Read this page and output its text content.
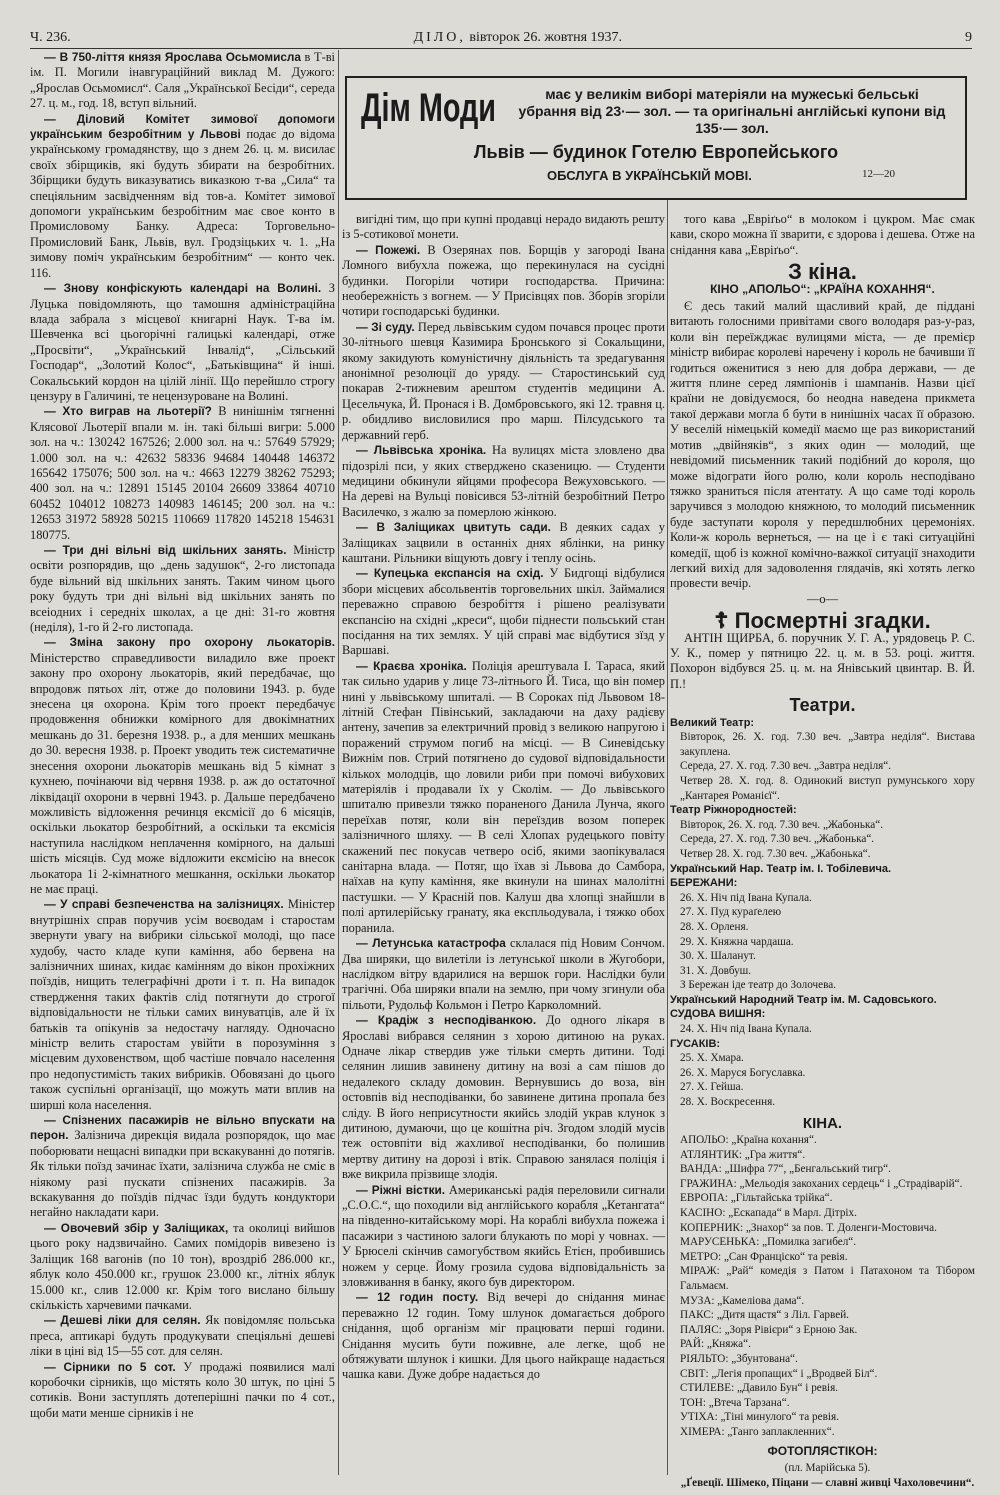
Ч. 236.	ДІЛО, вівторок 26. жовтня 1937.	9
Дім Моди	має у великім виборі матеріяли на мужеські бельські убрання від 23·— зол. — та оригінальні англійські купони від 135·— зол.
Львів — будинок Готелю Европейського
ОБСЛУГА В УКРАЇНСЬКІЙ МОВІ.	12—20

— В 750-ліття князя Ярослава Осьмомисла в Т-ві ім. П. Могили інавгураційний виклад М. Дужого: „Ярослав Осьмомисл“. Саля „Української Бесіди“, середа 27. ц. м., год. 18, вступ вільний.

— Діловий Комітет зимової допомоги українським безробітним у Львові подає до відома українському громадянству, що з днем 26. ц. м. висилає своїх збірщиків, які будуть збирати на безробітних. Збірщики будуть виказуватись виказкою т-ва „Сила“ та спеціяльним засвідченням від тов-а. Комітет зимової допомоги українським безробітним має свое конто в Промисловому Банку. Адреса: Торговельно-Промисловий Банк, Львів, вул. Гродзіцьких ч. 1. „На зимову поміч українським безробітним“ — конто чек. 116.

— Знову конфіскують календарі на Волині. З Луцька повідомляють, що тамошня адміністраційна влада забрала з місцевої книгарні Наук. Т-ва ім. Шевченка всі цьогорічні галицькі календарі, отже „Просвіти“, „Український Інвалід“, „Сільський Господар“, „Золотий Колос“, „Батьківщина“ й інші. Сокальський кордон на цілій лінії. Що перейшло строгу цензуру в Галичині, те нецензуроване на Волині.

— Хто виграв на льотерії? В нинішнім тягненні Клясової Льотерії впали м. ін. такі більші вигри: 5.000 зол. на ч.: 130242 167526; 2.000 зол. на ч.: 57649 57929; 1.000 зол. на ч.: 42632 58336 94684 140448 146372 165642 175076; 500 зол. на ч.: 4663 12279 38262 75293; 400 зол. на ч.: 12891 15145 20104 26609 33864 40710 60452 104012 108273 140983 146145; 200 зол. на ч.: 12653 31972 58928 50215 110669 117820 145218 154631 180775.

— Три дні вільні від шкільних занять. Міністр освіти розпорядив, що „день задушок“, 2-го листопада буде вільний від шкільних занять. Таким чином цього року будуть три дні вільні від шкільних занять по всеіодних і середніх школах, а це дні: 31-го жовтня (неділя), 1-го й 2-го листопада.

— Зміна закону про охорону льокаторів. Міністерство справедливости виладило вже проект закону про охорону льокаторів, який передбачає, що впродовж пятьох літ, отже до половини 1943. р. буде знесена ця охорона. Крім того проект передбачує продовження обнижки комірного для двокімнатних мешкань до 31. березня 1938. р., а для менших мешкань до 30. вересня 1938. р. Проект уводить теж систематичне знесення охорони льокаторів мешкань від 5 кімнат з кухнею, почінаючи від червня 1938. р. аж до остаточної ліквідації охорони в червні 1943. р. Дальше передбачено можливість відложення речинця ексмісії до 6 місяців, оскільки льокатор безробітний, а оскільки та ексмісія наступила наслідком неплачення комірного, на дальші шість місяців. Суд може відложити ексмісію на внесок льокатора 1і 2-кімнатного мешкання, оскільки льокатор не має праці.

— У справі безпеченства на залізницях. Міністер внутрішніх справ поручив усім воєводам і старостам звернути увагу на вибрики сільської молоді, що пасе худобу, часто кладе купи каміння, або бервена на залізничних шинах, кидає камінням до вікон прохіжних поїздів, нищить телеграфічні дроти і т. п. На випадок ствердження таких фактів слід потягнути до строгої відповідальности не тільки самих винуватців, але й їх батьків та опікунів за недостачу нагляду. Одночасно міністр велить старостам увійти в порозуміння з місцевим духовенством, щоб частіше повчало населення про недопустимість таких вибриків. Обовязані до цього також суспільні організації, що можуть мати вплив на ширші кола населення.

— Спізнених пасажирів не вільно впускати на перон. Залізнича дирекція видала розпорядок, що має поборювати нещасні випадки при вскакуванні до потягів. Як тільки поїзд зачинає їхати, залізнича служба не сміє в ніякому разі пускати спізнених пасажирів. За вскакування до поїздів підчас їзди будуть кондуктори негайно накладати кари.

— Овочевий збір у Заліщиках, та околиці вийшов цього року надзвичайно. Самих помідорів вивезено із Заліщик 168 вагонів (по 10 тон), вроздріб 286.000 кг., яблук коло 450.000 кг., грушок 23.000 кг., літніх яблук 15.000 кг., слив 12.000 кг. Крім того вислано більшу скількість харчевими пачками.

— Дешеві ліки для селян. Як повідомляє польська преса, аптикарі будуть продукувати спеціяльні дешеві ліки в ціні від 15—55 сот. для селян.

— Сірники по 5 сот. У продажі появилися малі коробочки сірників, що містять коло 30 штук, по ціні 5 сотиків. Вони заступлять дотеперішні пачки по 4 сот., щоби мати менше сірників і не

вигідні тим, що при купні продавці нерадо видають решту із 5-сотикової монети.

— Пожежі. В Озерянах пов. Борщів у загороді Івана Ломного вибухла пожежа, що перекинулася на сусідні будинки. Погоріли чотири господарства. Причина: необережність з вогнем. — У Присівцях пов. Зборів згоріли чотири господарські будинки.

— Зі суду. Перед львівським судом почався процес проти 30-літнього шевця Казимира Бронського зі Сокальщини, якому закидують комуністичну діяльність та зредагування анонімної резолюції до уряду. — Старостинський суд покарав 2-тижневим арештом студентів медицини А. Цесельчука, Й. Пронася і В. Домбровського, які 12. травня ц. р. обидливо висловилися про марш. Пілсудського та державний герб.

— Львівська хроніка. На вулицях міста зловлено два підозрілі пси, у яких стверджено сказеницю. — Студенти медицини обкинули яйцями професора Вежуховського. — На дереві на Вульці повісився 53-літній безробітний Петро Василечко, з жалю за померлою жінкою.

— В Заліщиках цвитуть сади. В деяких садах у Заліщиках зацвили в останніх днях яблінки, на ринку каштани. Рільники віщують довгу і теплу осінь.

— Купецька експансія на схід. У Бидгощі відбулися збори місцевих абсольвентів торговельних шкіл. Займалися переважно справою безробіття і рішено реалізувати експансію на східні „креси“, щоби піднести польський стан посідання на тих землях. У цій справі має відбутися зїзд у Варшаві.

— Краєва хроніка. Поліція арештувала І. Тараса, який так сильно ударив у лице 73-літнього Й. Тиса, що він помер нині у львівському шпиталі. — В Сороках під Львовом 18-літній Стефан Півінський, закладаючи на даху радієву антену, зачепив за електричний провід з великою напругою і поражений струмом погиб на місці. — В Синевідську Вижнім пов. Стрий потягнено до судової відповідальности кількох молодців, що ловили риби при помочі вибухових матеріялів і продавали їх у Сколім. — До львівського шпиталю привезли тяжко пораненого Данила Лунча, якого переїхав потяг, коли він переїздив возом поперек залізничного шляху. — В селі Хлопах рудецького повіту скажений пес покусав четверо осіб, якими заопікувалася санітарна влада. — Потяг, що їхав зі Львова до Самбора, наїхав на купу каміння, яке вкинули на шинах малолітні пастушки. — У Красній пов. Калуш два хлопці знайшли в полі артилерійську гранату, яка експльодувала, і тяжко обох поранила.

— Летунська катастрофа склалася під Новим Сончом. Два ширяки, що вилетіли із летунської школи в Жугобори, наслідком вітру вдарилися на вершок гори. Наслідки були трагічні. Оба ширяки впали на землю, при чому згинули оба пільоти, Рудольф Кольмон і Петро Карколомний.

— Крадіж з несподіванкою. До одного лікаря в Ярославі вибрався селянин з хорою дитиною на руках. Одначе лікар ствердив уже тільки смерть дитини. Тоді селянин лишив завинену дитину на возі а сам пішов до недалекого складу домовин. Вернувшись до воза, він остовпів від несподіванки, бо завинене дитина пропала без сліду. В його неприсутности якийсь злодій украв клунок з дитиною, думаючи, що це кошітна річ. Згодом злодій мусів теж остовпіти від жахливої несподіванки, бо полишив мертву дитину на дорозі і втік. Справою занялася поліція і вже викрила прізвище злодія.

— Ріжні вістки. Американські радія переловили сигнали „С.О.С.“, що походили від англійського корабля „Кетангата“ на південно-китайському морі. На кораблі вибухла пожежа і пасажири з частиною залоги блукають по морі у човнах. — У Брюселі скінчив самогубством якийсь Етієн, пробившись ножем у серце. Йому грозила судова відповідальність за зловживання в банку, якого був директором.

— 12 годин посту. Від вечері до снідання минає переважно 12 годин. Тому шлунок домагається доброго снідання, щоб організм міг працювати перші години. Снідання мусить бути поживне, але легке, щоб не обтяжувати шлунок і кишки. Для цього найкраще надається чашка кави. Дуже добре надається до

того кава „Евріґьо“ в молоком і цукром. Має смак кави, скоро можна її зварити, є здорова і дешева. Отже на снідання кава „Евріґьо“.

З кіна.
КІНО „АПОЛЬО“: „КРАЇНА КОХАННЯ“.

Є десь такий малий щасливий край, де піддані витають голосними привітами свого володаря раз-у-раз, коли він переїжджає вулицями міста, — де премієр міністр вибирає королеві наречену і король не бачивши її годиться оженитися з нею для добра держави, — де життя плине серед лямпіонів і шампанів. Назви цієї країни не довідуємося, бо неодна наведена прикмета такої держави могла б бути в нинішніх часах її образою. У веселій німецькій комедії маємо ще раз використаний мотив „двійняків“, з яких один — молодий, ще невідомий письменник такий подібний до короля, що може відограти його ролю, коли король несподівано тяжко зраниться після атентату. А що саме тоді король заручився з молодою княжною, то молодий письменник буде заступати короля у передшлюбних церемоніях. Коли-ж король вернеться, — на це і є такі ситуаційні комедії, щоб із кожної комічно-важкої ситуації знаходити легкий вихід для задоволення глядачів, які хотять легко провести вечір.

—o—
☦ Посмертні згадки.

АНТІН ЩИРБА, б. поручник У. Г. А., урядовець Р. С. У. К., помер у пятницю 22. ц. м. в 53. році. життя. Похорон відбувся 25. ц. м. на Янівський цвинтар. В. Й. П.!

Театри.
Великий Театр:
Вівторок, 26. X. год. 7.30 веч. „Завтра неділя“. Вистава закуплена.
Середа, 27. X. год. 7.30 веч. „Завтра неділя“.
Четвер 28. X. год. 8. Одинокий виступ румунського хору „Кантарея Романієї“.
Театр Ріжнородностей:
Вівторок, 26. X. год. 7.30 веч. „Жабонька“.
Середа, 27. X. год. 7.30 веч. „Жабонька“.
Четвер 28. X. год. 7.30 веч. „Жабонька“.
Український Нар. Театр ім. І. Тобілевича.
БЕРЕЖАНИ:
26. X. Ніч під Івана Купала.
27. X. Пуд кураґелею
28. X. Орленя.
29. X. Княжна чардаша.
30. X. Шаланут.
31. X. Довбуш.
З Бережан іде театр до Золочева.
Український Народний Театр ім. М. Садовського.
СУДОВА ВИШНЯ:
24. X. Ніч під Івана Купала.
ГУСАКІВ:
25. X. Хмара.
26. X. Маруся Богуславка.
27. X. Гейша.
28. X. Воскресення.
КІНА.
АПОЛЬО: „Країна кохання“.
АТЛЯНТИК: „Гра життя“.
ВАНДА: „Шифра 77“, „Бенгальський тигр“.
ГРАЖИНА: „Мельодія закоханих сердець“ і „Страдіварій“.
ЕВРОПА: „Гільтайська трійка“.
КАСІНО: „Ескапада“ в Марл. Дітріх.
КОПЕРНИК: „Знахор“ за пов. Т. Доленги-Мостовича.
МАРУСЕНЬКА: „Помилка загибел“.
МЕТРО: „Сан Франціско“ та ревія.
МІРАЖ: „Рай“ комедія з Патом і Патахоном та Тібором Гальмаєм.
МУЗА: „Камеліова дама“.
ПАКС: „Дитя щастя“ з Ліл. Гарвей.
ПАЛЯС: „Зоря Рівієри“ з Ерною Зак.
РАЙ: „Княжа“.
РІЯЛЬТО: „Збунтована“.
СВІТ: „Легія пропащих“ і „Вродвей Біл“.
СТИЛЕВЕ: „Давило Бун“ і ревія.
ТОН: „Втеча Тарзана“.
УТІХА: „Тіні минулого“ та ревія.
ХІМЕРА: „Танго заплакленних“.
ФОТОПЛЯСТІКОН:
(пл. Марійська 5).
„Ґевеції. Шімеко, Піцани — славні живці Чахоловечини“.
